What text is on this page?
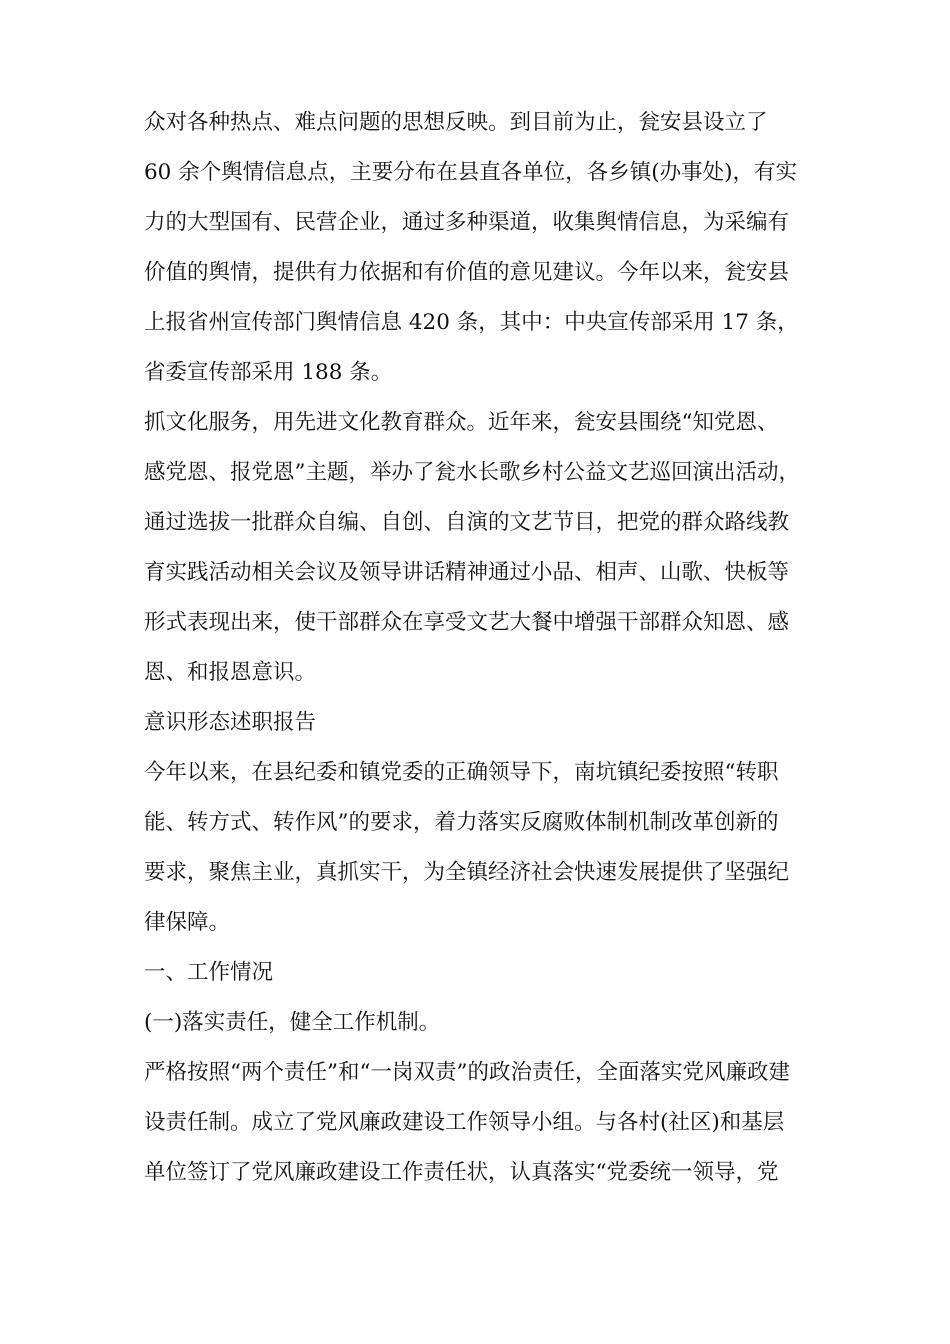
众对各种热点、难点问题的思想反映。到目前为止，瓮安县设立了
60 余个舆情信息点，主要分布在县直各单位，各乡镇(办事处)，有实
力的大型国有、民营企业，通过多种渠道，收集舆情信息，为采编有
价值的舆情，提供有力依据和有价值的意见建议。今年以来，瓮安县
上报省州宣传部门舆情信息 420 条，其中：中央宣传部采用 17 条，
省委宣传部采用 188 条。
抓文化服务，用先进文化教育群众。近年来，瓮安县围绕“知党恩、
感党恩、报党恩”主题，举办了瓮水长歌乡村公益文艺巡回演出活动，
通过选拔一批群众自编、自创、自演的文艺节目，把党的群众路线教
育实践活动相关会议及领导讲话精神通过小品、相声、山歌、快板等
形式表现出来，使干部群众在享受文艺大餐中增强干部群众知恩、感
恩、和报恩意识。
意识形态述职报告
今年以来，在县纪委和镇党委的正确领导下，南坑镇纪委按照“转职
能、转方式、转作风”的要求，着力落实反腐败体制机制改革创新的
要求，聚焦主业，真抓实干，为全镇经济社会快速发展提供了坚强纪
律保障。
一、工作情况
(一)落实责任，健全工作机制。
严格按照“两个责任”和“一岗双责”的政治责任，全面落实党风廉政建
设责任制。成立了党风廉政建设工作领导小组。与各村(社区)和基层
单位签订了党风廉政建设工作责任状，认真落实“党委统一领导，党
